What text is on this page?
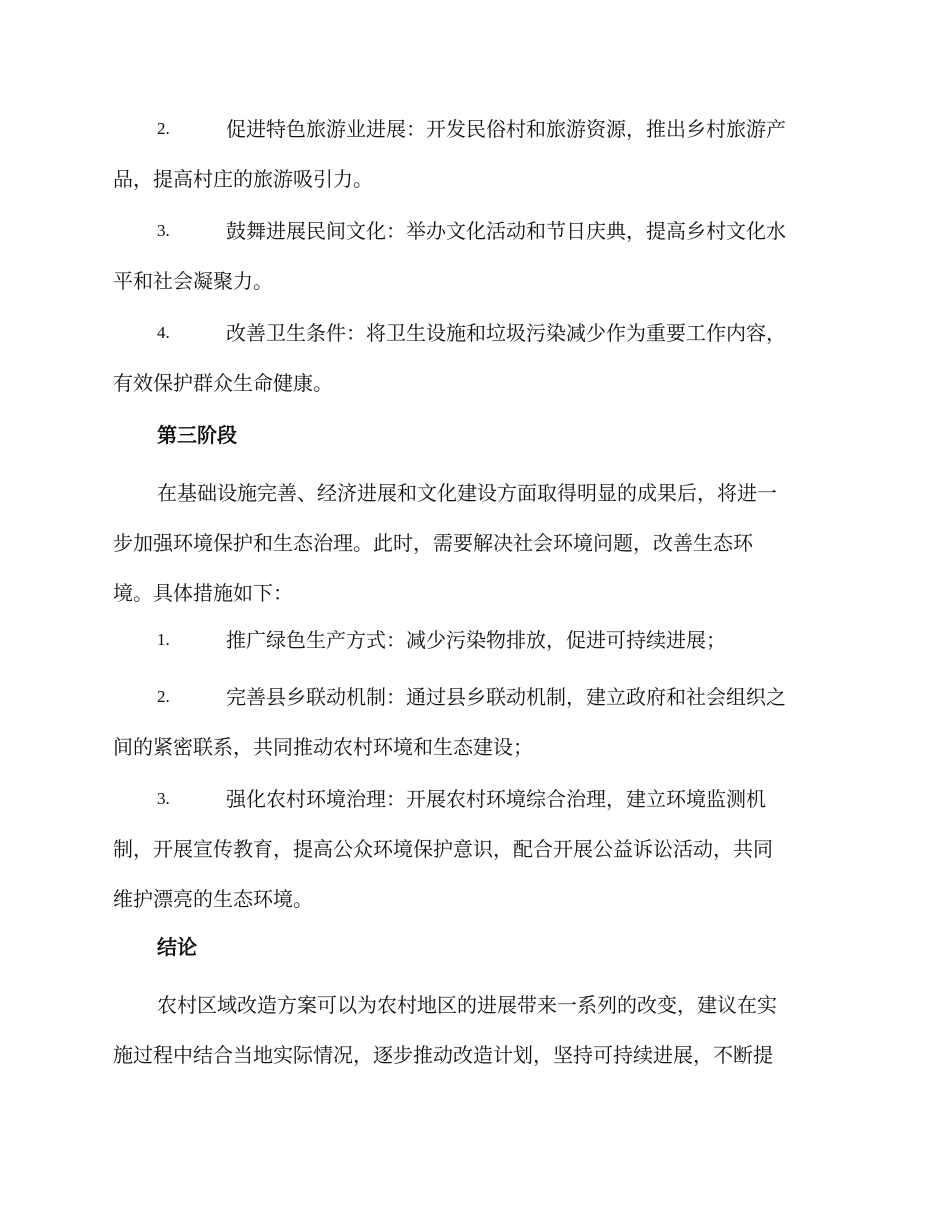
2.	促进特色旅游业进展：开发民俗村和旅游资源，推出乡村旅游产
品，提高村庄的旅游吸引力。
3.	鼓舞进展民间文化：举办文化活动和节日庆典，提高乡村文化水
平和社会凝聚力。
4.	改善卫生条件：将卫生设施和垃圾污染减少作为重要工作内容，
有效保护群众生命健康。
第三阶段
在基础设施完善、经济进展和文化建设方面取得明显的成果后，将进一
步加强环境保护和生态治理。此时，需要解决社会环境问题，改善生态环
境。具体措施如下：
1.	推广绿色生产方式：减少污染物排放，促进可持续进展；
2.	完善县乡联动机制：通过县乡联动机制，建立政府和社会组织之
间的紧密联系，共同推动农村环境和生态建设；
3.	强化农村环境治理：开展农村环境综合治理，建立环境监测机
制，开展宣传教育，提高公众环境保护意识，配合开展公益诉讼活动，共同
维护漂亮的生态环境。
结论
农村区域改造方案可以为农村地区的进展带来一系列的改变，建议在实
施过程中结合当地实际情况，逐步推动改造计划，坚持可持续进展，不断提
